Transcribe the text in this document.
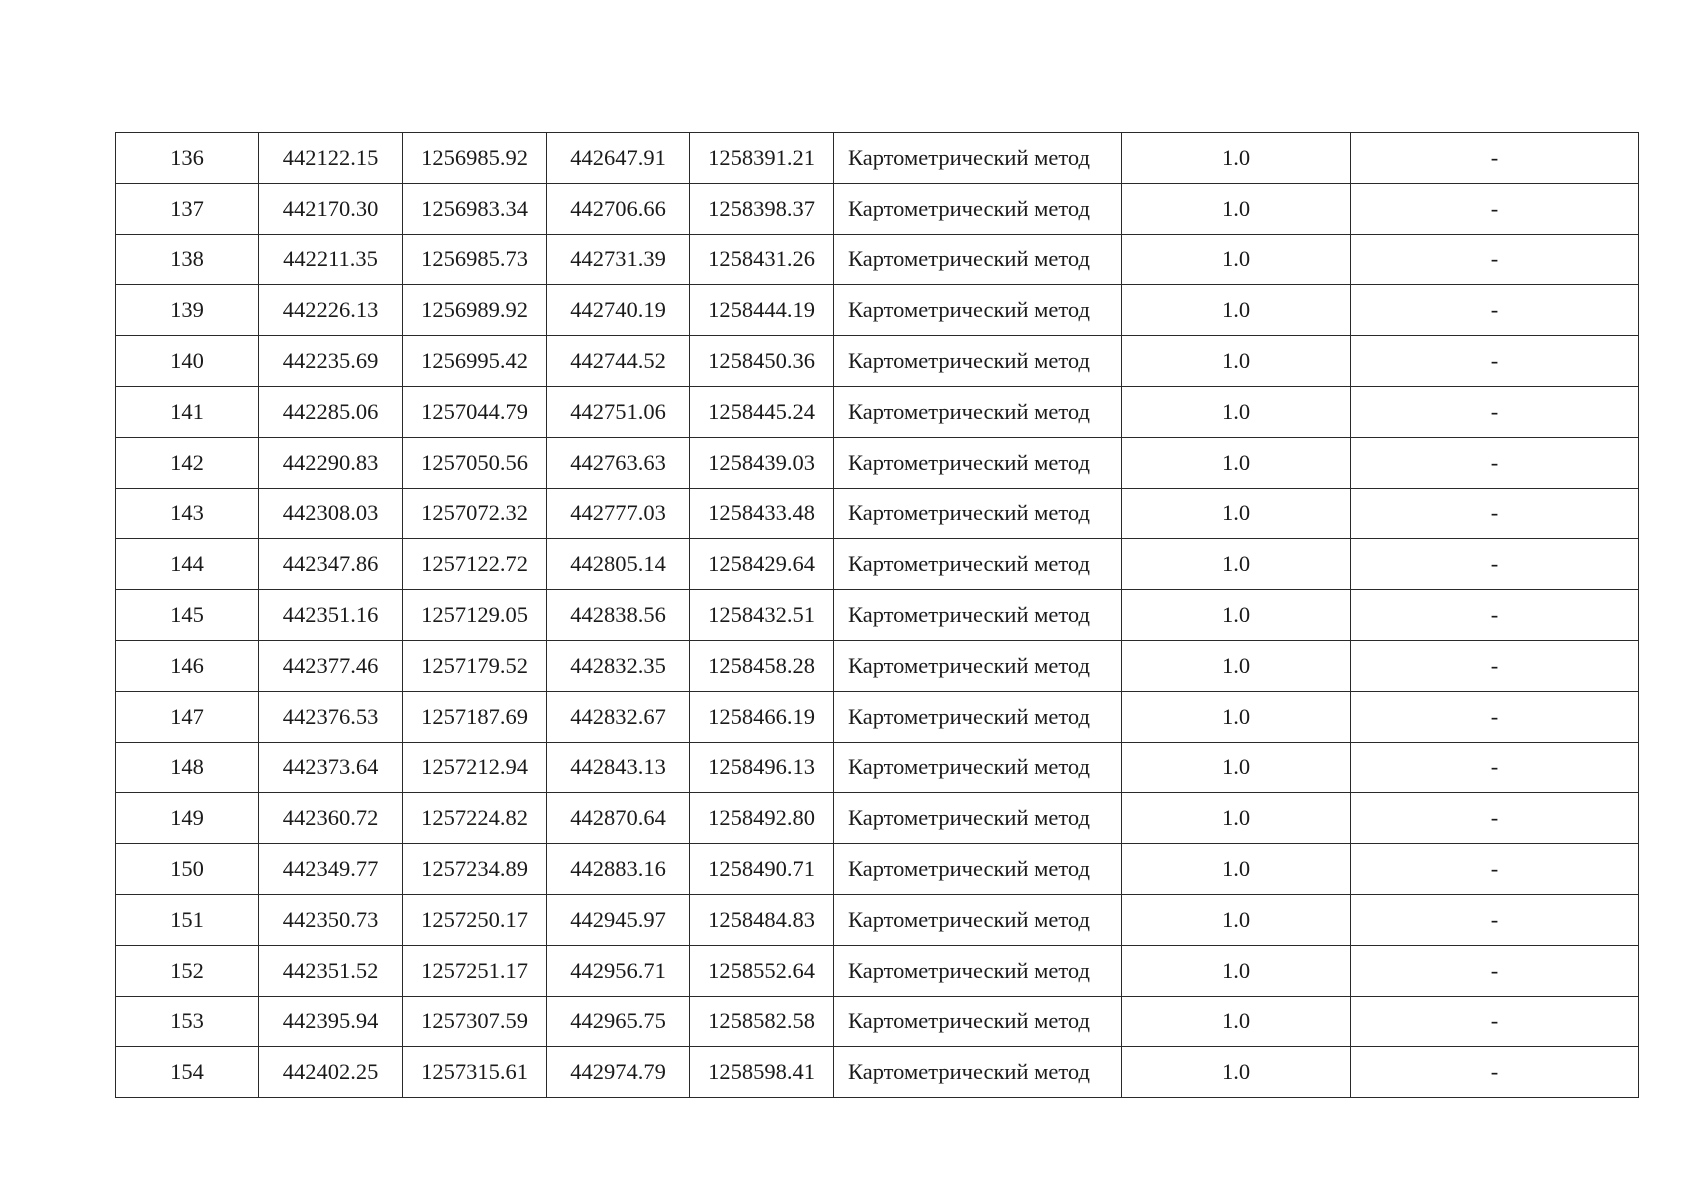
136	442122.15	1256985.92	442647.91	1258391.21	Картометрический метод	1.0	-
137	442170.30	1256983.34	442706.66	1258398.37	Картометрический метод	1.0	-
138	442211.35	1256985.73	442731.39	1258431.26	Картометрический метод	1.0	-
139	442226.13	1256989.92	442740.19	1258444.19	Картометрический метод	1.0	-
140	442235.69	1256995.42	442744.52	1258450.36	Картометрический метод	1.0	-
141	442285.06	1257044.79	442751.06	1258445.24	Картометрический метод	1.0	-
142	442290.83	1257050.56	442763.63	1258439.03	Картометрический метод	1.0	-
143	442308.03	1257072.32	442777.03	1258433.48	Картометрический метод	1.0	-
144	442347.86	1257122.72	442805.14	1258429.64	Картометрический метод	1.0	-
145	442351.16	1257129.05	442838.56	1258432.51	Картометрический метод	1.0	-
146	442377.46	1257179.52	442832.35	1258458.28	Картометрический метод	1.0	-
147	442376.53	1257187.69	442832.67	1258466.19	Картометрический метод	1.0	-
148	442373.64	1257212.94	442843.13	1258496.13	Картометрический метод	1.0	-
149	442360.72	1257224.82	442870.64	1258492.80	Картометрический метод	1.0	-
150	442349.77	1257234.89	442883.16	1258490.71	Картометрический метод	1.0	-
151	442350.73	1257250.17	442945.97	1258484.83	Картометрический метод	1.0	-
152	442351.52	1257251.17	442956.71	1258552.64	Картометрический метод	1.0	-
153	442395.94	1257307.59	442965.75	1258582.58	Картометрический метод	1.0	-
154	442402.25	1257315.61	442974.79	1258598.41	Картометрический метод	1.0	-
